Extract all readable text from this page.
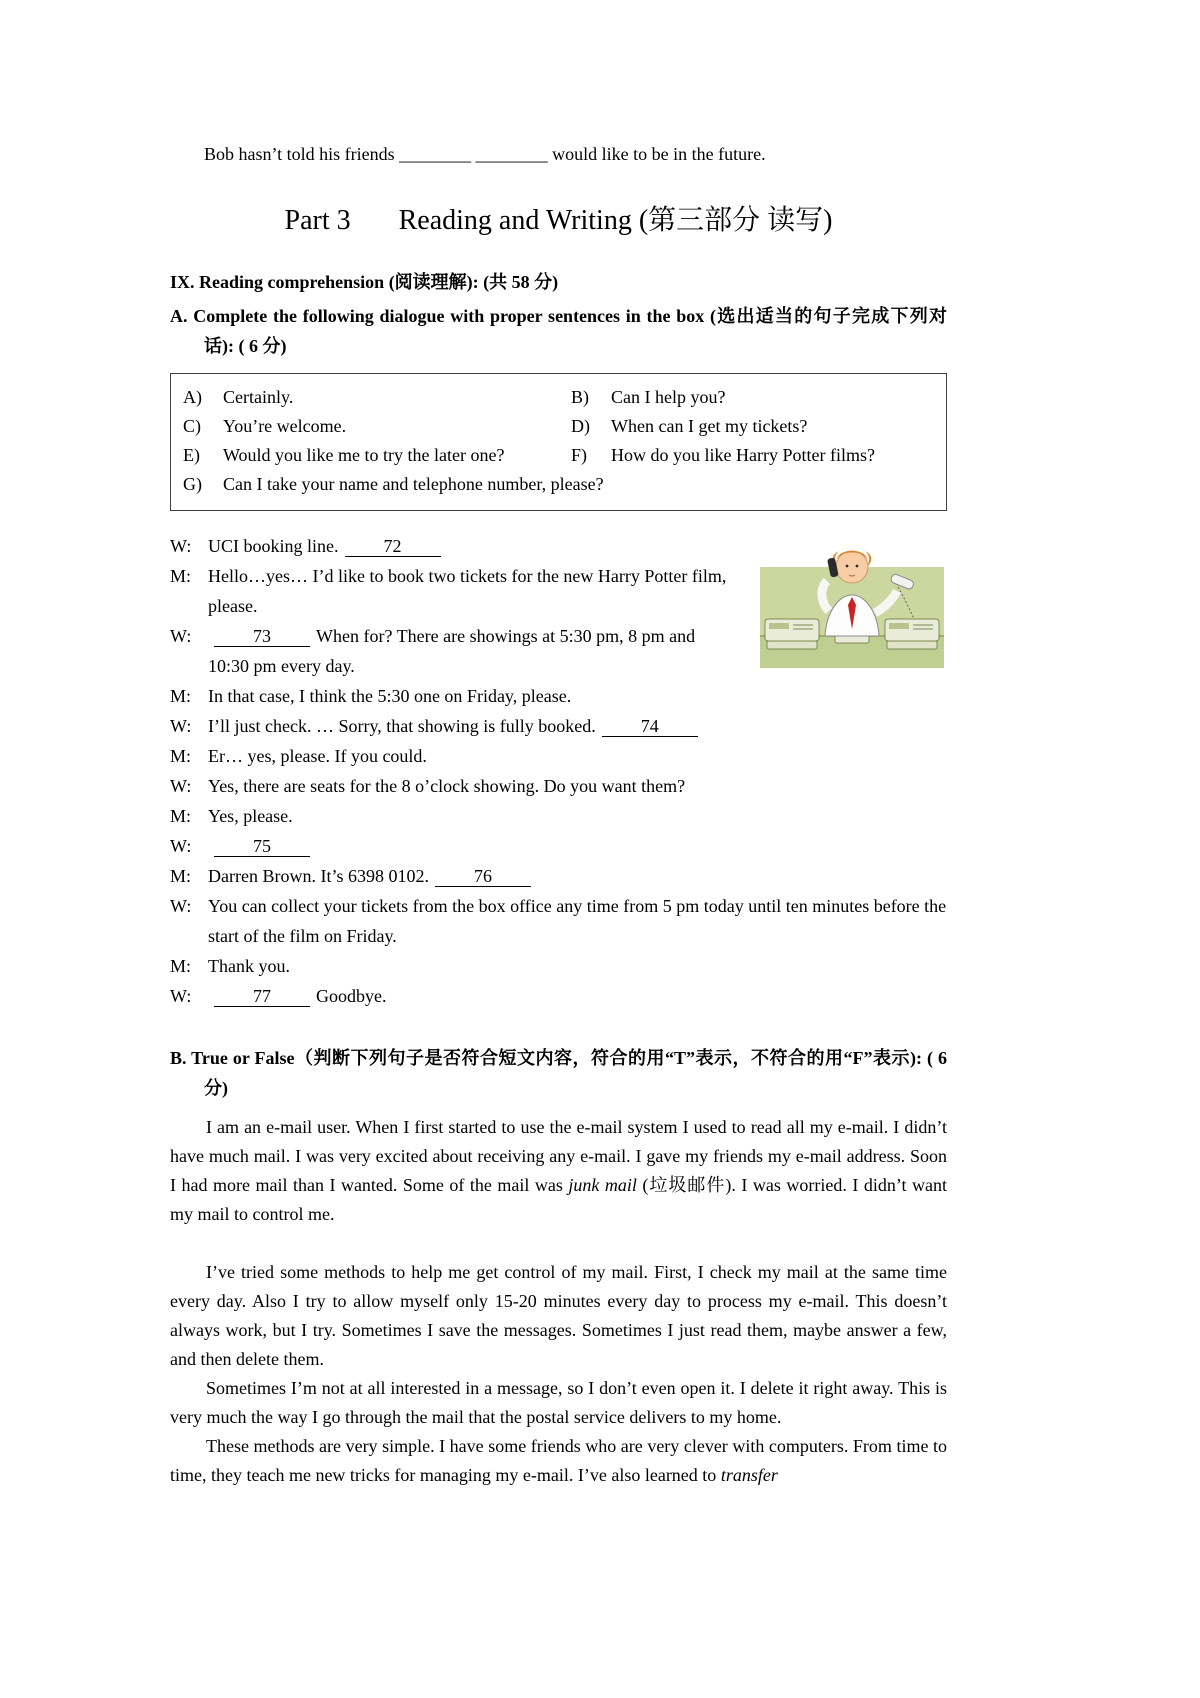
Bob hasn’t told his friends ________ ________ would like to be in the future.

Part 3 Reading and Writing (第三部分 读写)

IX. Reading comprehension (阅读理解): (共 58 分)

A. Complete the following dialogue with proper sentences in the box (选出适当的句子完成下列对话): ( 6 分)

A)	Certainly.	B)	Can I help you?
C)	You’re welcome.	D)	When can I get my tickets?
E)	Would you like me to try the later one?	F)	How do you like Harry Potter films?
G)	Can I take your name and telephone number, please?
W: UCI booking line.	72
M: Hello…yes… I’d like to book two tickets for the new Harry Potter film, please.
W:	73	When for? There are showings at 5:30 pm, 8 pm and 10:30 pm every day.
M: In that case, I think the 5:30 one on Friday, please.
W: I’ll just check. … Sorry, that showing is fully booked.	74
M: Er… yes, please. If you could.
W: Yes, there are seats for the 8 o’clock showing. Do you want them?
M: Yes, please.
W:	75
M: Darren Brown. It’s 6398 0102.	76
W: You can collect your tickets from the box office any time from 5 pm today until ten minutes before the start of the film on Friday.
M: Thank you.
W:	77	Goodbye.

B. True or False（判断下列句子是否符合短文内容，符合的用“T”表示，不符合的用“F”表示): ( 6 分)

I am an e-mail user. When I first started to use the e-mail system I used to read all my e-mail. I didn’t have much mail. I was very excited about receiving any e-mail. I gave my friends my e-mail address. Soon I had more mail than I wanted. Some of the mail was junk mail (垃圾邮件). I was worried. I didn’t want my mail to control me.

I’ve tried some methods to help me get control of my mail. First, I check my mail at the same time every day. Also I try to allow myself only 15-20 minutes every day to process my e-mail. This doesn’t always work, but I try. Sometimes I save the messages. Sometimes I just read them, maybe answer a few, and then delete them.

Sometimes I’m not at all interested in a message, so I don’t even open it. I delete it right away. This is very much the way I go through the mail that the postal service delivers to my home.

These methods are very simple. I have some friends who are very clever with computers. From time to time, they teach me new tricks for managing my e-mail. I’ve also learned to transfer
